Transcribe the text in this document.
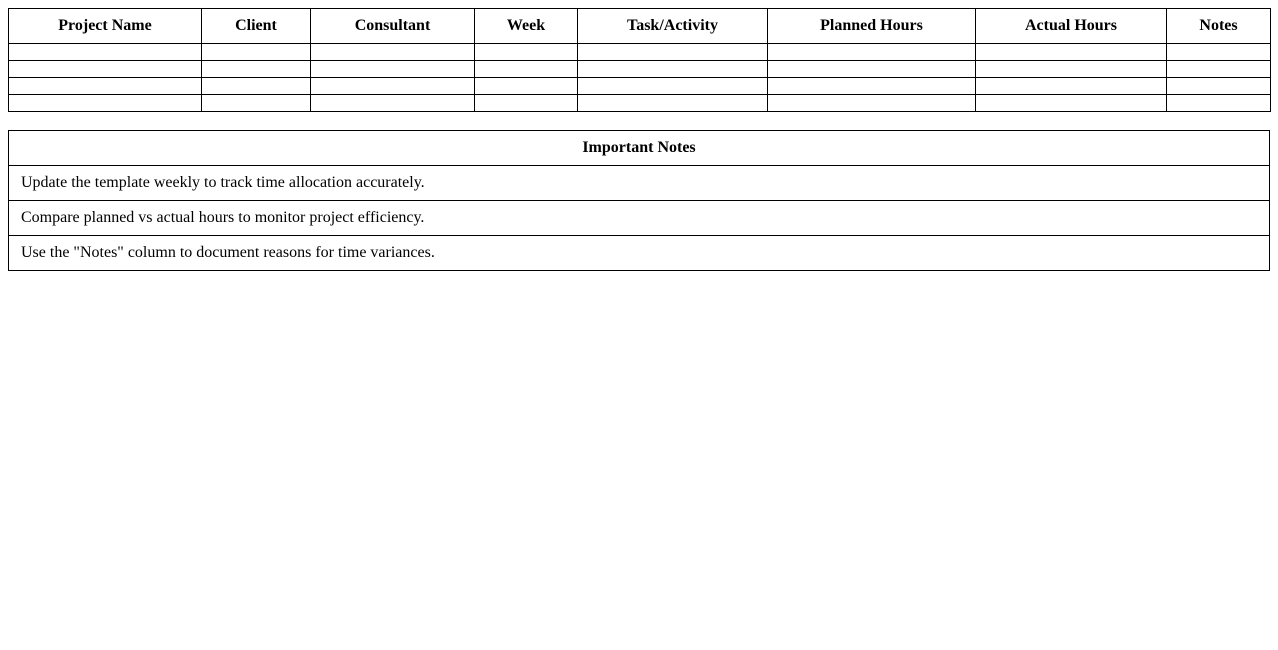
Project Name	Client	Consultant	Week	Task/Activity	Planned Hours	Actual Hours	Notes

Important Notes
Update the template weekly to track time allocation accurately.
Compare planned vs actual hours to monitor project efficiency.
Use the "Notes" column to document reasons for time variances.
